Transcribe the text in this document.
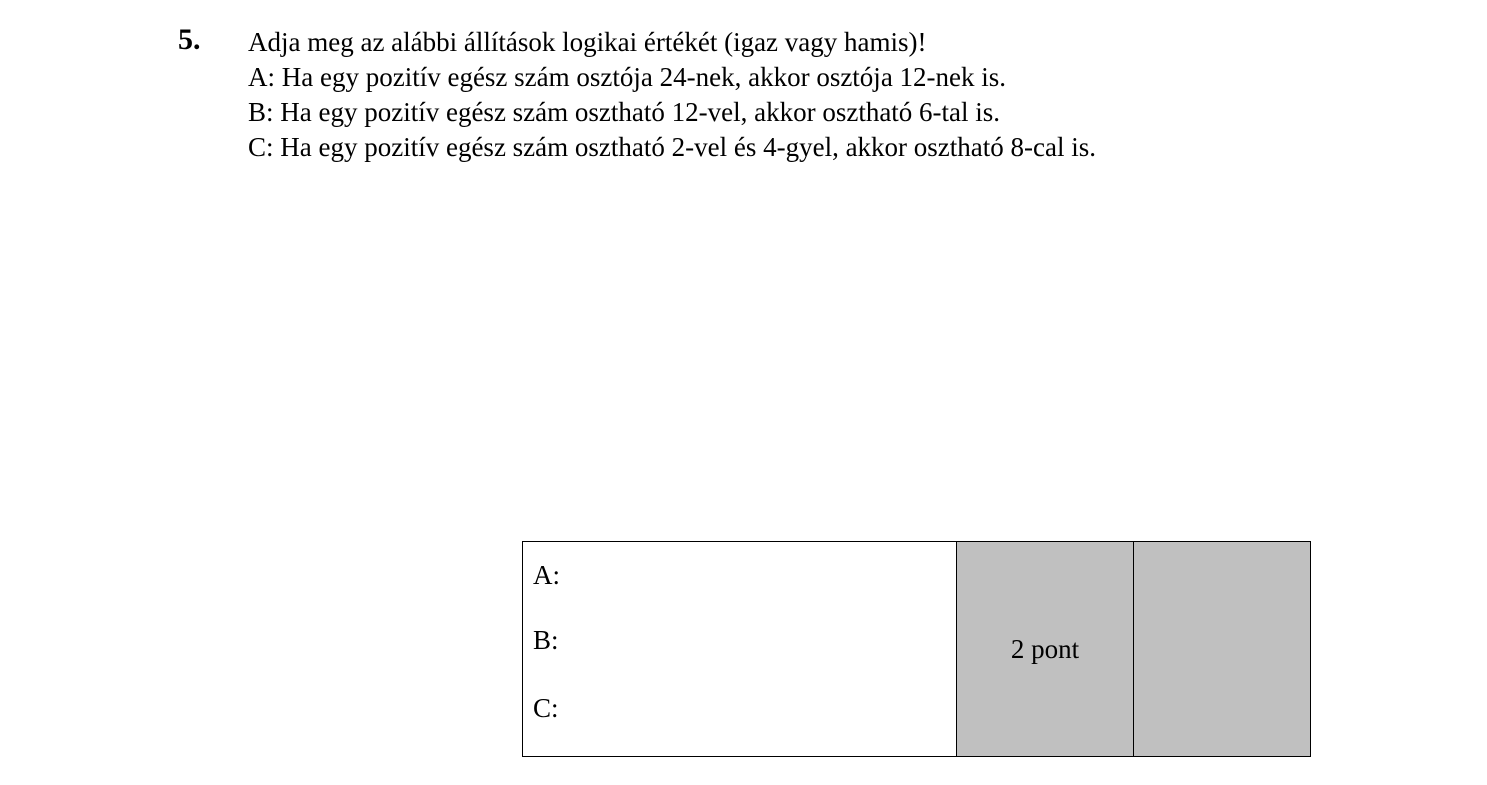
5. Adja meg az alábbi állítások logikai értékét (igaz vagy hamis)!
A: Ha egy pozitív egész szám osztója 24-nek, akkor osztója 12-nek is.
B: Ha egy pozitív egész szám osztható 12-vel, akkor osztható 6-tal is.
C: Ha egy pozitív egész szám osztható 2-vel és 4-gyel, akkor osztható 8-cal is.
A:
B:
C:
	2 pont	
